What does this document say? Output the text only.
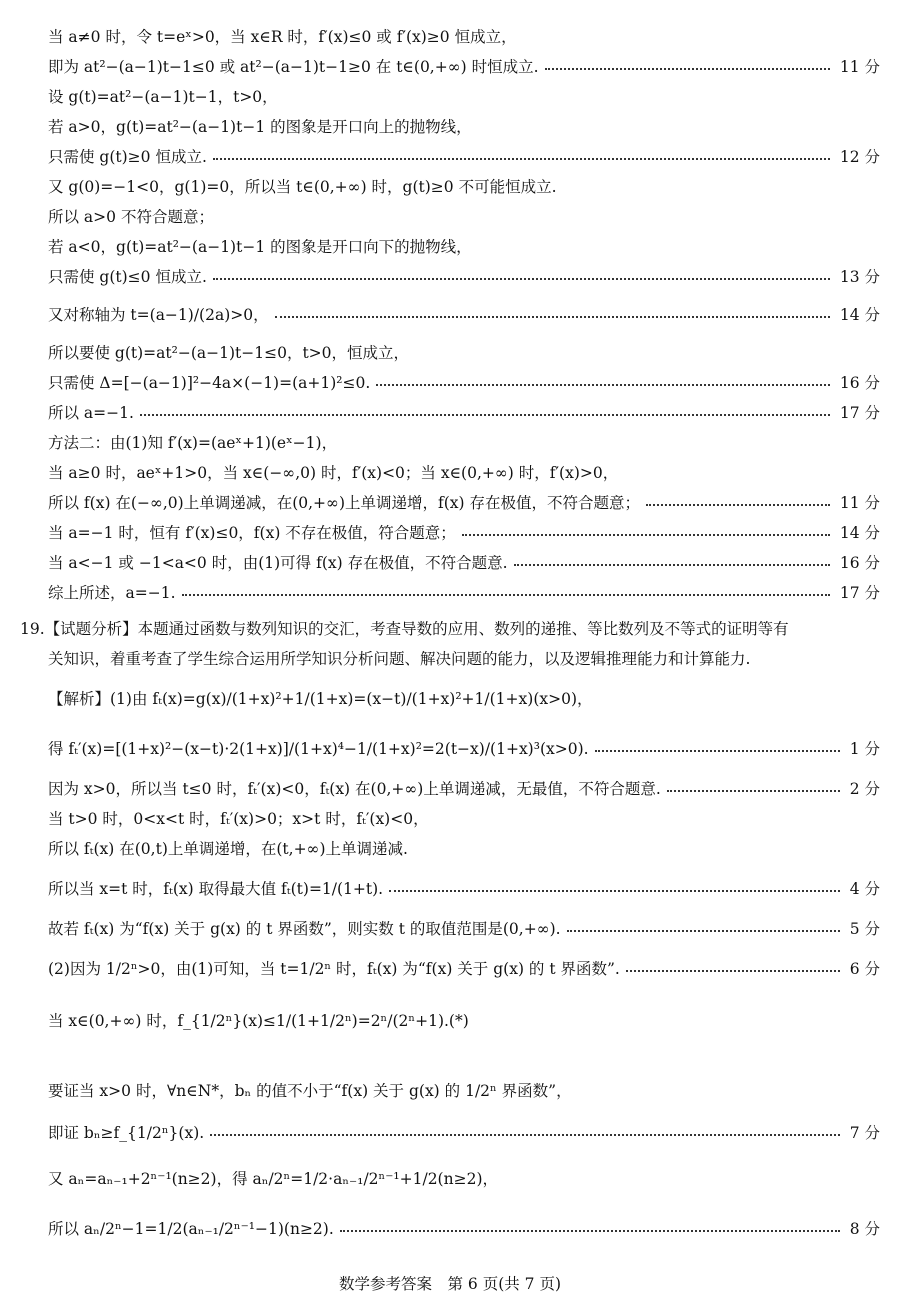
当 a≠0 时，令 t=eˣ>0，当 x∈R 时，f′(x)≤0 或 f′(x)≥0 恒成立，
即为 at²−(a−1)t−1≤0 或 at²−(a−1)t−1≥0 在 t∈(0,+∞) 时恒成立.	11 分
设 g(t)=at²−(a−1)t−1，t>0，
若 a>0，g(t)=at²−(a−1)t−1 的图象是开口向上的抛物线，
只需使 g(t)≥0 恒成立.	12 分
又 g(0)=−1<0，g(1)=0，所以当 t∈(0,+∞) 时，g(t)≥0 不可能恒成立.
所以 a>0 不符合题意；
若 a<0，g(t)=at²−(a−1)t−1 的图象是开口向下的抛物线，
只需使 g(t)≤0 恒成立.	13 分
又对称轴为 t=(a−1)/(2a)>0，	14 分
所以要使 g(t)=at²−(a−1)t−1≤0，t>0，恒成立，
只需使 Δ=[−(a−1)]²−4a×(−1)=(a+1)²≤0.	16 分
所以 a=−1.	17 分
方法二：由(1)知 f′(x)=(aeˣ+1)(eˣ−1)，
当 a≥0 时，aeˣ+1>0，当 x∈(−∞,0) 时，f′(x)<0；当 x∈(0,+∞) 时，f′(x)>0，
所以 f(x) 在(−∞,0)上单调递减，在(0,+∞)上单调递增，f(x) 存在极值，不符合题意；	11 分
当 a=−1 时，恒有 f′(x)≤0，f(x) 不存在极值，符合题意；	14 分
当 a<−1 或 −1<a<0 时，由(1)可得 f(x) 存在极值，不符合题意.	16 分
综上所述，a=−1.	17 分
19.【试题分析】本题通过函数与数列知识的交汇，考查导数的应用、数列的递推、等比数列及不等式的证明等有
关知识，着重考查了学生综合运用所学知识分析问题、解决问题的能力，以及逻辑推理能力和计算能力.
【解析】(1)由 fₜ(x)=g(x)/(1+x)²+1/(1+x)=(x−t)/(1+x)²+1/(1+x)(x>0)，
得 fₜ′(x)=[(1+x)²−(x−t)·2(1+x)]/(1+x)⁴−1/(1+x)²=2(t−x)/(1+x)³(x>0).	1 分
因为 x>0，所以当 t≤0 时，fₜ′(x)<0，fₜ(x) 在(0,+∞)上单调递减，无最值，不符合题意.	2 分
当 t>0 时，0<x<t 时，fₜ′(x)>0；x>t 时，fₜ′(x)<0，
所以 fₜ(x) 在(0,t)上单调递增，在(t,+∞)上单调递减.
所以当 x=t 时，fₜ(x) 取得最大值 fₜ(t)=1/(1+t).	4 分
故若 fₜ(x) 为“f(x) 关于 g(x) 的 t 界函数”，则实数 t 的取值范围是(0,+∞).	5 分
(2)因为 1/2ⁿ>0，由(1)可知，当 t=1/2ⁿ 时，fₜ(x) 为“f(x) 关于 g(x) 的 t 界函数”.	6 分
当 x∈(0,+∞) 时，f_{1/2ⁿ}(x)≤1/(1+1/2ⁿ)=2ⁿ/(2ⁿ+1).(*)
要证当 x>0 时，∀n∈N*，bₙ 的值不小于“f(x) 关于 g(x) 的 1/2ⁿ 界函数”，
即证 bₙ≥f_{1/2ⁿ}(x).	7 分
又 aₙ=aₙ₋₁+2ⁿ⁻¹(n≥2)，得 aₙ/2ⁿ=1/2·aₙ₋₁/2ⁿ⁻¹+1/2(n≥2)，
所以 aₙ/2ⁿ−1=1/2(aₙ₋₁/2ⁿ⁻¹−1)(n≥2).	8 分
数学参考答案　第 6 页(共 7 页)
